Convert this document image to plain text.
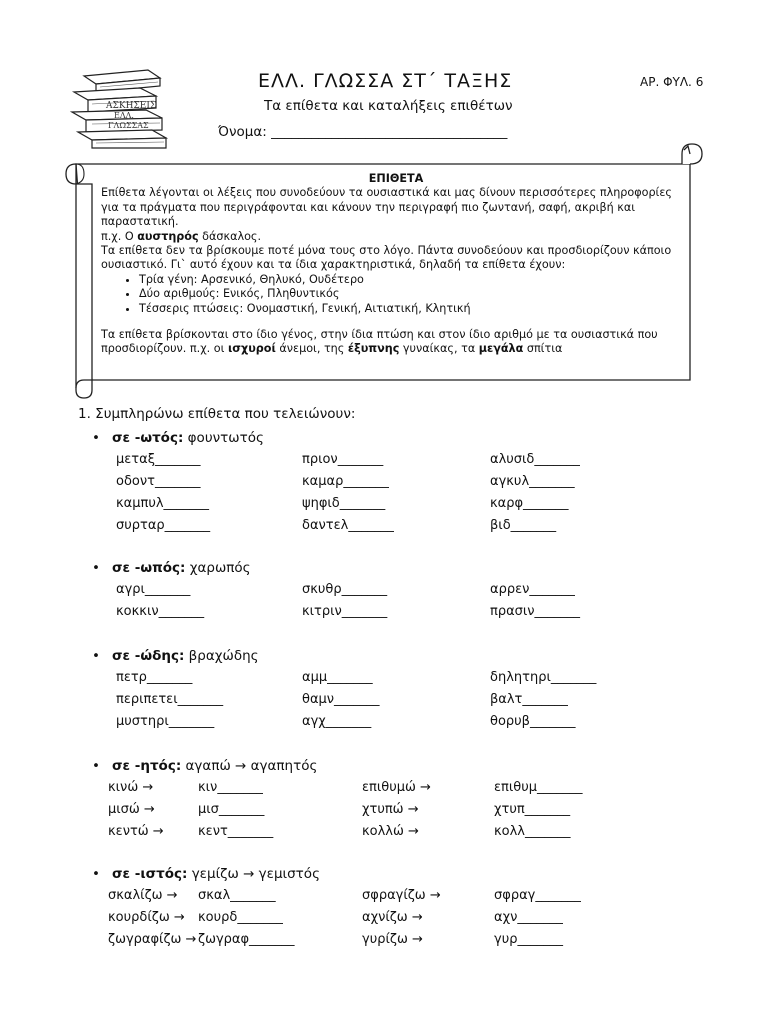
ΑΣΚΗΣΕΙΣ
ΕΛΛ.
ΓΛΩΣΣΑΣ
ΕΛΛ. ΓΛΩΣΣΑ ΣΤ΄ ΤΑΞΗΣ	ΑΡ. ΦΥΛ. 6
Τα επίθετα και καταλήξεις επιθέτων
Όνομα: ___________________________________

ΕΠΙΘΕΤΑ

Επίθετα λέγονται οι λέξεις που συνοδεύουν τα ουσιαστικά και μας δίνουν περισσότερες πληροφορίες για τα πράγματα που περιγράφονται και κάνουν την περιγραφή πιο ζωντανή, σαφή, ακριβή και παραστατική.

π.χ. Ο αυστηρός δάσκαλος.

Τα επίθετα δεν τα βρίσκουμε ποτέ μόνα τους στο λόγο. Πάντα συνοδεύουν και προσδιορίζουν κάποιο ουσιαστικό. Γι` αυτό έχουν και τα ίδια χαρακτηριστικά, δηλαδή τα επίθετα έχουν:

• Τρία γένη: Αρσενικό, Θηλυκό, Ουδέτερο
• Δύο αριθμούς: Ενικός, Πληθυντικός
• Τέσσερις πτώσεις: Ονομαστική, Γενική, Αιτιατική, Κλητική

Τα επίθετα βρίσκονται στο ίδιο γένος, στην ίδια πτώση και στον ίδιο αριθμό με τα ουσιαστικά που προσδιορίζουν. π.χ. οι ισχυροί άνεμοι, της έξυπνης γυναίκας, τα μεγάλα σπίτια

1. Συμπληρώνω επίθετα που τελειώνουν:
• σε -ωτός: φουντωτός
μεταξ_______	πριον_______	αλυσιδ_______
οδοντ_______	καμαρ_______	αγκυλ_______
καμπυλ_______	ψηφιδ_______	καρφ_______
συρταρ_______	δαντελ_______	βιδ_______
• σε -ωπός: χαρωπός
αγρι_______	σκυθρ_______	αρρεν_______
κοκκιν_______	κιτριν_______	πρασιν_______
• σε -ώδης: βραχώδης
πετρ_______	αμμ_______	δηλητηρι_______
περιπετει_______	θαμν_______	βαλτ_______
μυστηρι_______	αγχ_______	θορυβ_______
• σε -ητός: αγαπώ → αγαπητός
κινώ →	κιν_______	επιθυμώ →	επιθυμ_______
μισώ →	μισ_______	χτυπώ →	χτυπ_______
κεντώ →	κεντ_______	κολλώ →	κολλ_______
• σε -ιστός: γεμίζω → γεμιστός
σκαλίζω → σκαλ_______	σφραγίζω →	σφραγ_______
κουρδίζω → κουρδ_______	αχνίζω →	αχν_______
ζωγραφίζω → ζωγραφ_______	γυρίζω →	γυρ_______
